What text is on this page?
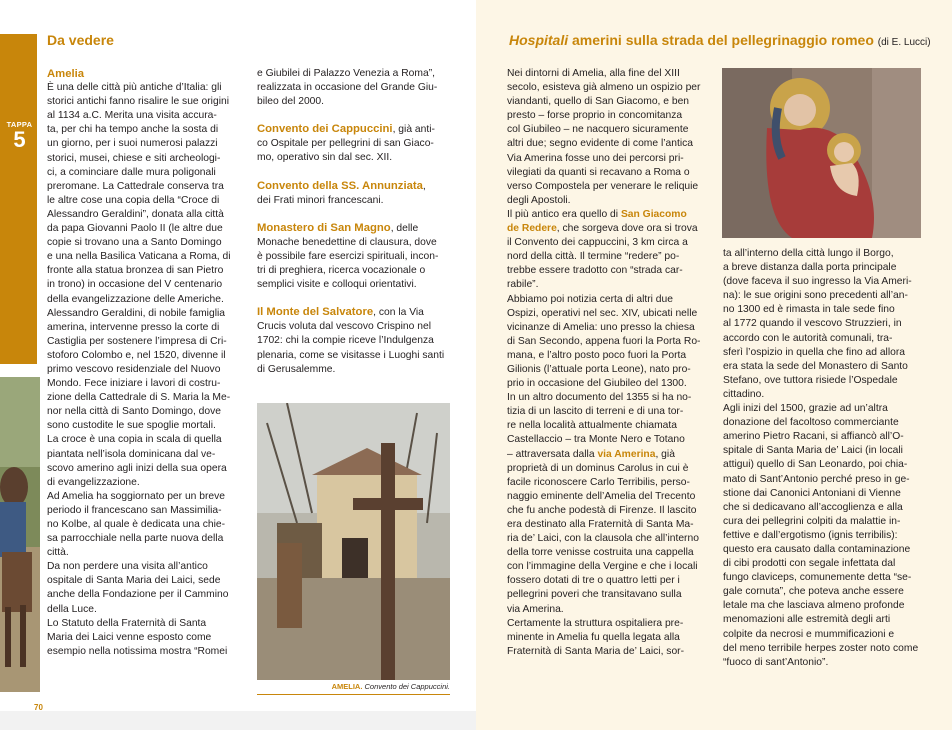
TAPPA
5
Da vedere	Hospitali amerini sulla strada del pellegrinaggio romeo (di E. Lucci)
Amelia

È una delle città più antiche d’Italia: gli

storici antichi fanno risalire le sue origini

al 1134 a.C. Merita una visita accura-

ta, per chi ha tempo anche la sosta di

un giorno, per i suoi numerosi palazzi

storici, musei, chiese e siti archeologi-

ci, a cominciare dalle mura poligonali

preromane. La Cattedrale conserva tra

le altre cose una copia della “Croce di

Alessandro Geraldini”, donata alla città

da papa Giovanni Paolo II (le altre due

copie si trovano una a Santo Domingo

e una nella Basilica Vaticana a Roma, di

fronte alla statua bronzea di san Pietro

in trono) in occasione del V centenario

della evangelizzazione delle Americhe.

Alessandro Geraldini, di nobile famiglia

amerina, intervenne presso la corte di

Castiglia per sostenere l’impresa di Cri-

stoforo Colombo e, nel 1520, divenne il

primo vescovo residenziale del Nuovo

Mondo. Fece iniziare i lavori di costru-

zione della Cattedrale di S. Maria la Me-

nor nella città di Santo Domingo, dove

sono custodite le sue spoglie mortali.

La croce è una copia in scala di quella

piantata nell’isola dominicana dal ve-

scovo amerino agli inizi della sua opera

di evangelizzazione.

Ad Amelia ha soggiornato per un breve

periodo il francescano san Massimilia-

no Kolbe, al quale è dedicata una chie-

sa parrocchiale nella parte nuova della

città.

Da non perdere una visita all’antico

ospitale di Santa Maria dei Laici, sede

anche della Fondazione per il Cammino

della Luce.

Lo Statuto della Fraternità di Santa

Maria dei Laici venne esposto come

esempio nella notissima mostra “Romei

e Giubilei di Palazzo Venezia a Roma”,

realizzata in occasione del Grande Giu-

bileo del 2000.

Convento dei Cappuccini, già anti-

co Ospitale per pellegrini di san Giaco-

mo, operativo sin dal sec. XII.

Convento della SS. Annunziata,

dei Frati minori francescani.

Monastero di San Magno, delle

Monache benedettine di clausura, dove

è possibile fare esercizi spirituali, incon-

tri di preghiera, ricerca vocazionale o

semplici visite e colloqui orientativi.

Il Monte del Salvatore, con la Via

Crucis voluta dal vescovo Crispino nel

1702: chi la compie riceve l’Indulgenza

plenaria, come se visitasse i Luoghi santi

di Gerusalemme.

AMELIA. Convento dei Cappuccini.

Nei dintorni di Amelia, alla fine del XIII

secolo, esisteva già almeno un ospizio per

viandanti, quello di San Giacomo, e ben

presto – forse proprio in concomitanza

col Giubileo – ne nacquero sicuramente

altri due; segno evidente di come l’antica

Via Amerina fosse uno dei percorsi pri-

vilegiati da quanti si recavano a Roma o

verso Compostela per venerare le reliquie

degli Apostoli.

Il più antico era quello di San Giacomo

de Redere, che sorgeva dove ora si trova

il Convento dei cappuccini, 3 km circa a

nord della città. Il termine “redere” po-

trebbe essere tradotto con “strada car-

rabile”.

Abbiamo poi notizia certa di altri due

Ospizi, operativi nel sec. XIV, ubicati nelle

vicinanze di Amelia: uno presso la chiesa

di San Secondo, appena fuori la Porta Ro-

mana, e l’altro posto poco fuori la Porta

Gilionis (l’attuale porta Leone), nato pro-

prio in occasione del Giubileo del 1300.

In un altro documento del 1355 si ha no-

tizia di un lascito di terreni e di una tor-

re nella località attualmente chiamata

Castellaccio – tra Monte Nero e Totano

– attraversata dalla via Amerina, già

proprietà di un dominus Carolus in cui è

facile riconoscere Carlo Terribilis, perso-

naggio eminente dell’Amelia del Trecento

che fu anche podestà di Firenze. Il lascito

era destinato alla Fraternità di Santa Ma-

ria de’ Laici, con la clausola che all’interno

della torre venisse costruita una cappella

con l’immagine della Vergine e che i locali

fossero dotati di tre o quattro letti per i

pellegrini poveri che transitavano sulla

via Amerina.

Certamente la struttura ospitaliera pre-

minente in Amelia fu quella legata alla

Fraternità di Santa Maria de’ Laici, sor-

ta all’interno della città lungo il Borgo,

a breve distanza dalla porta principale

(dove faceva il suo ingresso la Via Ameri-

na): le sue origini sono precedenti all’an-

no 1300 ed è rimasta in tale sede fino

al 1772 quando il vescovo Struzzieri, in

accordo con le autorità comunali, tra-

sferì l’ospizio in quella che fino ad allora

era stata la sede del Monastero di Santo

Stefano, ove tuttora risiede l’Ospedale

cittadino.

Agli inizi del 1500, grazie ad un’altra

donazione del facoltoso commerciante

amerino Pietro Racani, si affiancò all’O-

spitale di Santa Maria de’ Laici (in locali

attigui) quello di San Leonardo, poi chia-

mato di Sant’Antonio perché preso in ge-

stione dai Canonici Antoniani di Vienne

che si dedicavano all’accoglienza e alla

cura dei pellegrini colpiti da malattie in-

fettive e dall’ergotismo (ignis terribilis):

questo era causato dalla contaminazione

di cibi prodotti con segale infettata dal

fungo claviceps, comunemente detta “se-

gale cornuta”, che poteva anche essere

letale ma che lasciava almeno profonde

menomazioni alle estremità degli arti

colpite da necrosi e mummificazioni e

del meno terribile herpes zoster noto come

“fuoco di sant’Antonio”.

70
